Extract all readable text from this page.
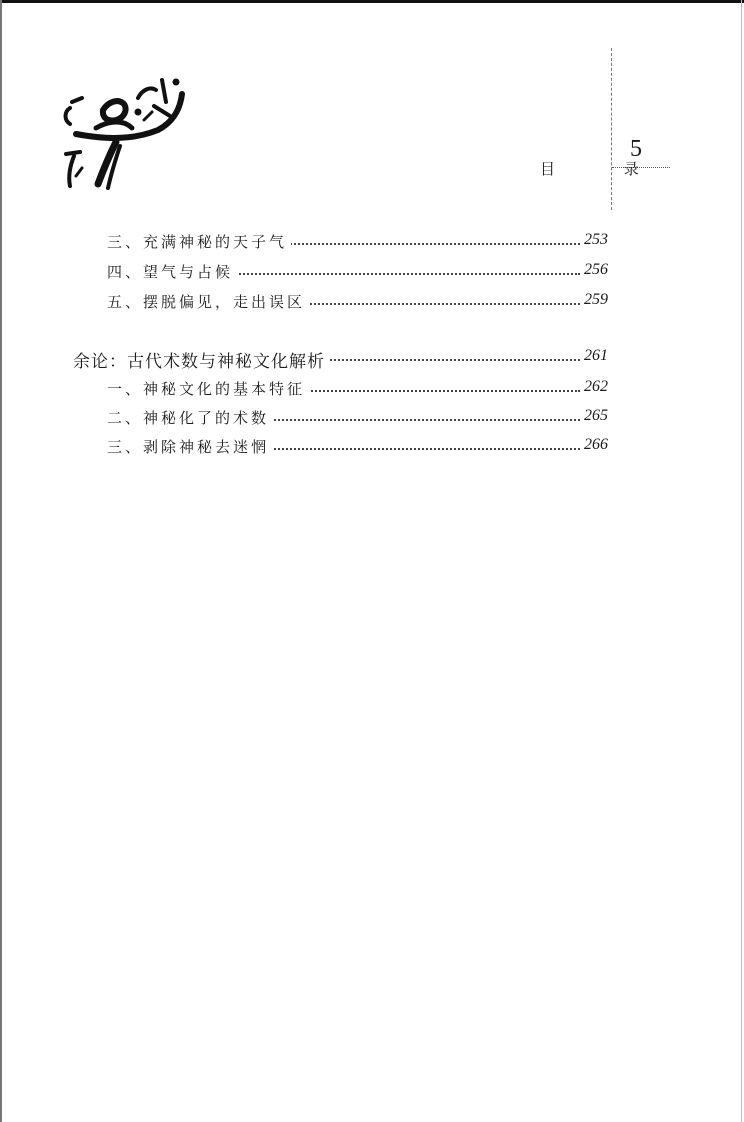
5
目 录
三、充满神秘的天子气	253
四、望气与占候	256
五、摆脱偏见，走出误区	259
余论：古代术数与神秘文化解析	261
一、神秘文化的基本特征	262
二、神秘化了的术数	265
三、剥除神秘去迷惘	266
